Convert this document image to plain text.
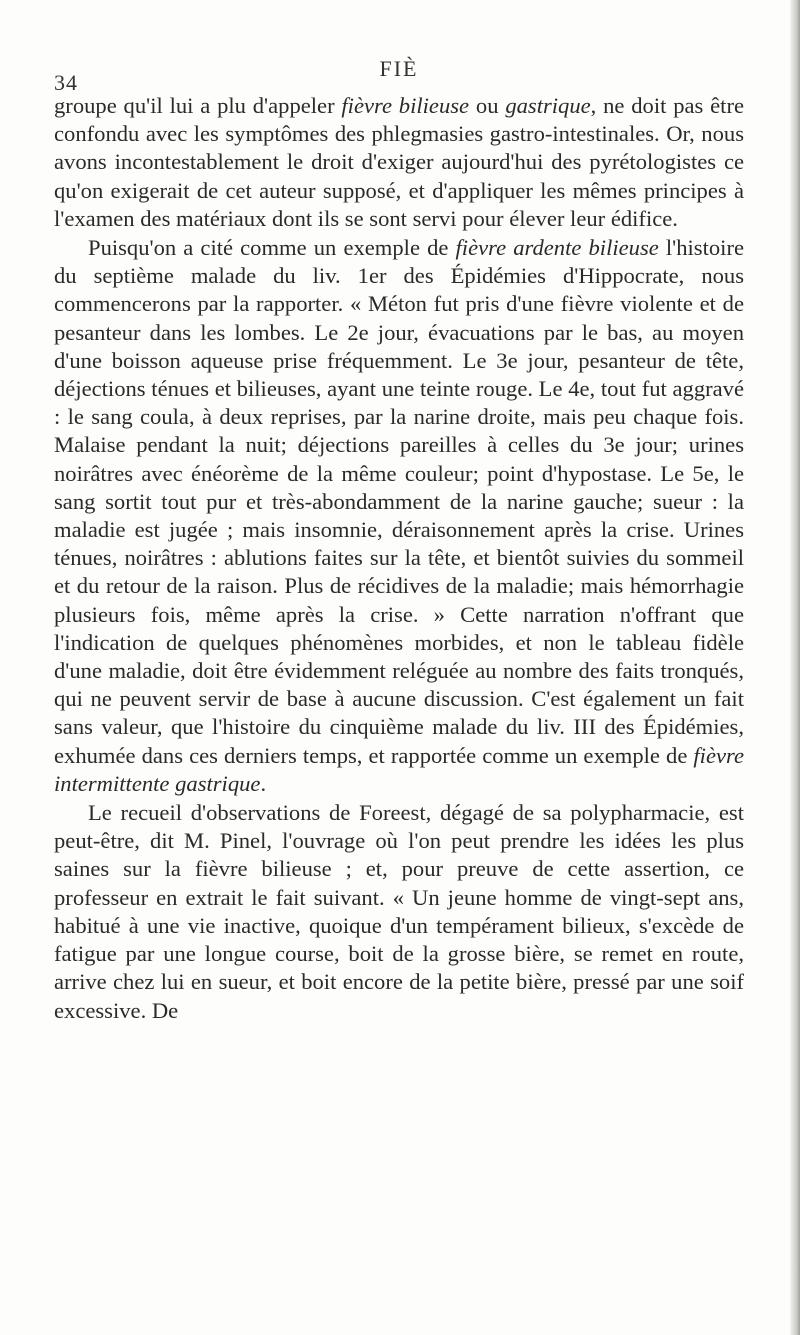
34
FIÈ

groupe qu'il lui a plu d'appeler fièvre bilieuse ou gastrique, ne doit pas être confondu avec les symptômes des phlegmasies gastro-intestinales. Or, nous avons incontestablement le droit d'exiger aujourd'hui des pyrétologistes ce qu'on exigerait de cet auteur supposé, et d'appliquer les mêmes principes à l'examen des matériaux dont ils se sont servi pour élever leur édifice.

Puisqu'on a cité comme un exemple de fièvre ardente bilieuse l'histoire du septième malade du liv. 1er des Épidémies d'Hippocrate, nous commencerons par la rapporter. « Méton fut pris d'une fièvre violente et de pesanteur dans les lombes. Le 2e jour, évacuations par le bas, au moyen d'une boisson aqueuse prise fréquemment. Le 3e jour, pesanteur de tête, déjections ténues et bilieuses, ayant une teinte rouge. Le 4e, tout fut aggravé : le sang coula, à deux reprises, par la narine droite, mais peu chaque fois. Malaise pendant la nuit; déjections pareilles à celles du 3e jour; urines noirâtres avec énéorème de la même couleur; point d'hypostase. Le 5e, le sang sortit tout pur et très-abondamment de la narine gauche; sueur : la maladie est jugée ; mais insomnie, déraisonnement après la crise. Urines ténues, noirâtres : ablutions faites sur la tête, et bientôt suivies du sommeil et du retour de la raison. Plus de récidives de la maladie; mais hémorrhagie plusieurs fois, même après la crise. » Cette narration n'offrant que l'indication de quelques phénomènes morbides, et non le tableau fidèle d'une maladie, doit être évidemment reléguée au nombre des faits tronqués, qui ne peuvent servir de base à aucune discussion. C'est également un fait sans valeur, que l'histoire du cinquième malade du liv. III des Épidémies, exhumée dans ces derniers temps, et rapportée comme un exemple de fièvre intermittente gastrique.

Le recueil d'observations de Foreest, dégagé de sa polypharmacie, est peut-être, dit M. Pinel, l'ouvrage où l'on peut prendre les idées les plus saines sur la fièvre bilieuse ; et, pour preuve de cette assertion, ce professeur en extrait le fait suivant. « Un jeune homme de vingt-sept ans, habitué à une vie inactive, quoique d'un tempérament bilieux, s'excède de fatigue par une longue course, boit de la grosse bière, se remet en route, arrive chez lui en sueur, et boit encore de la petite bière, pressé par une soif excessive. De
